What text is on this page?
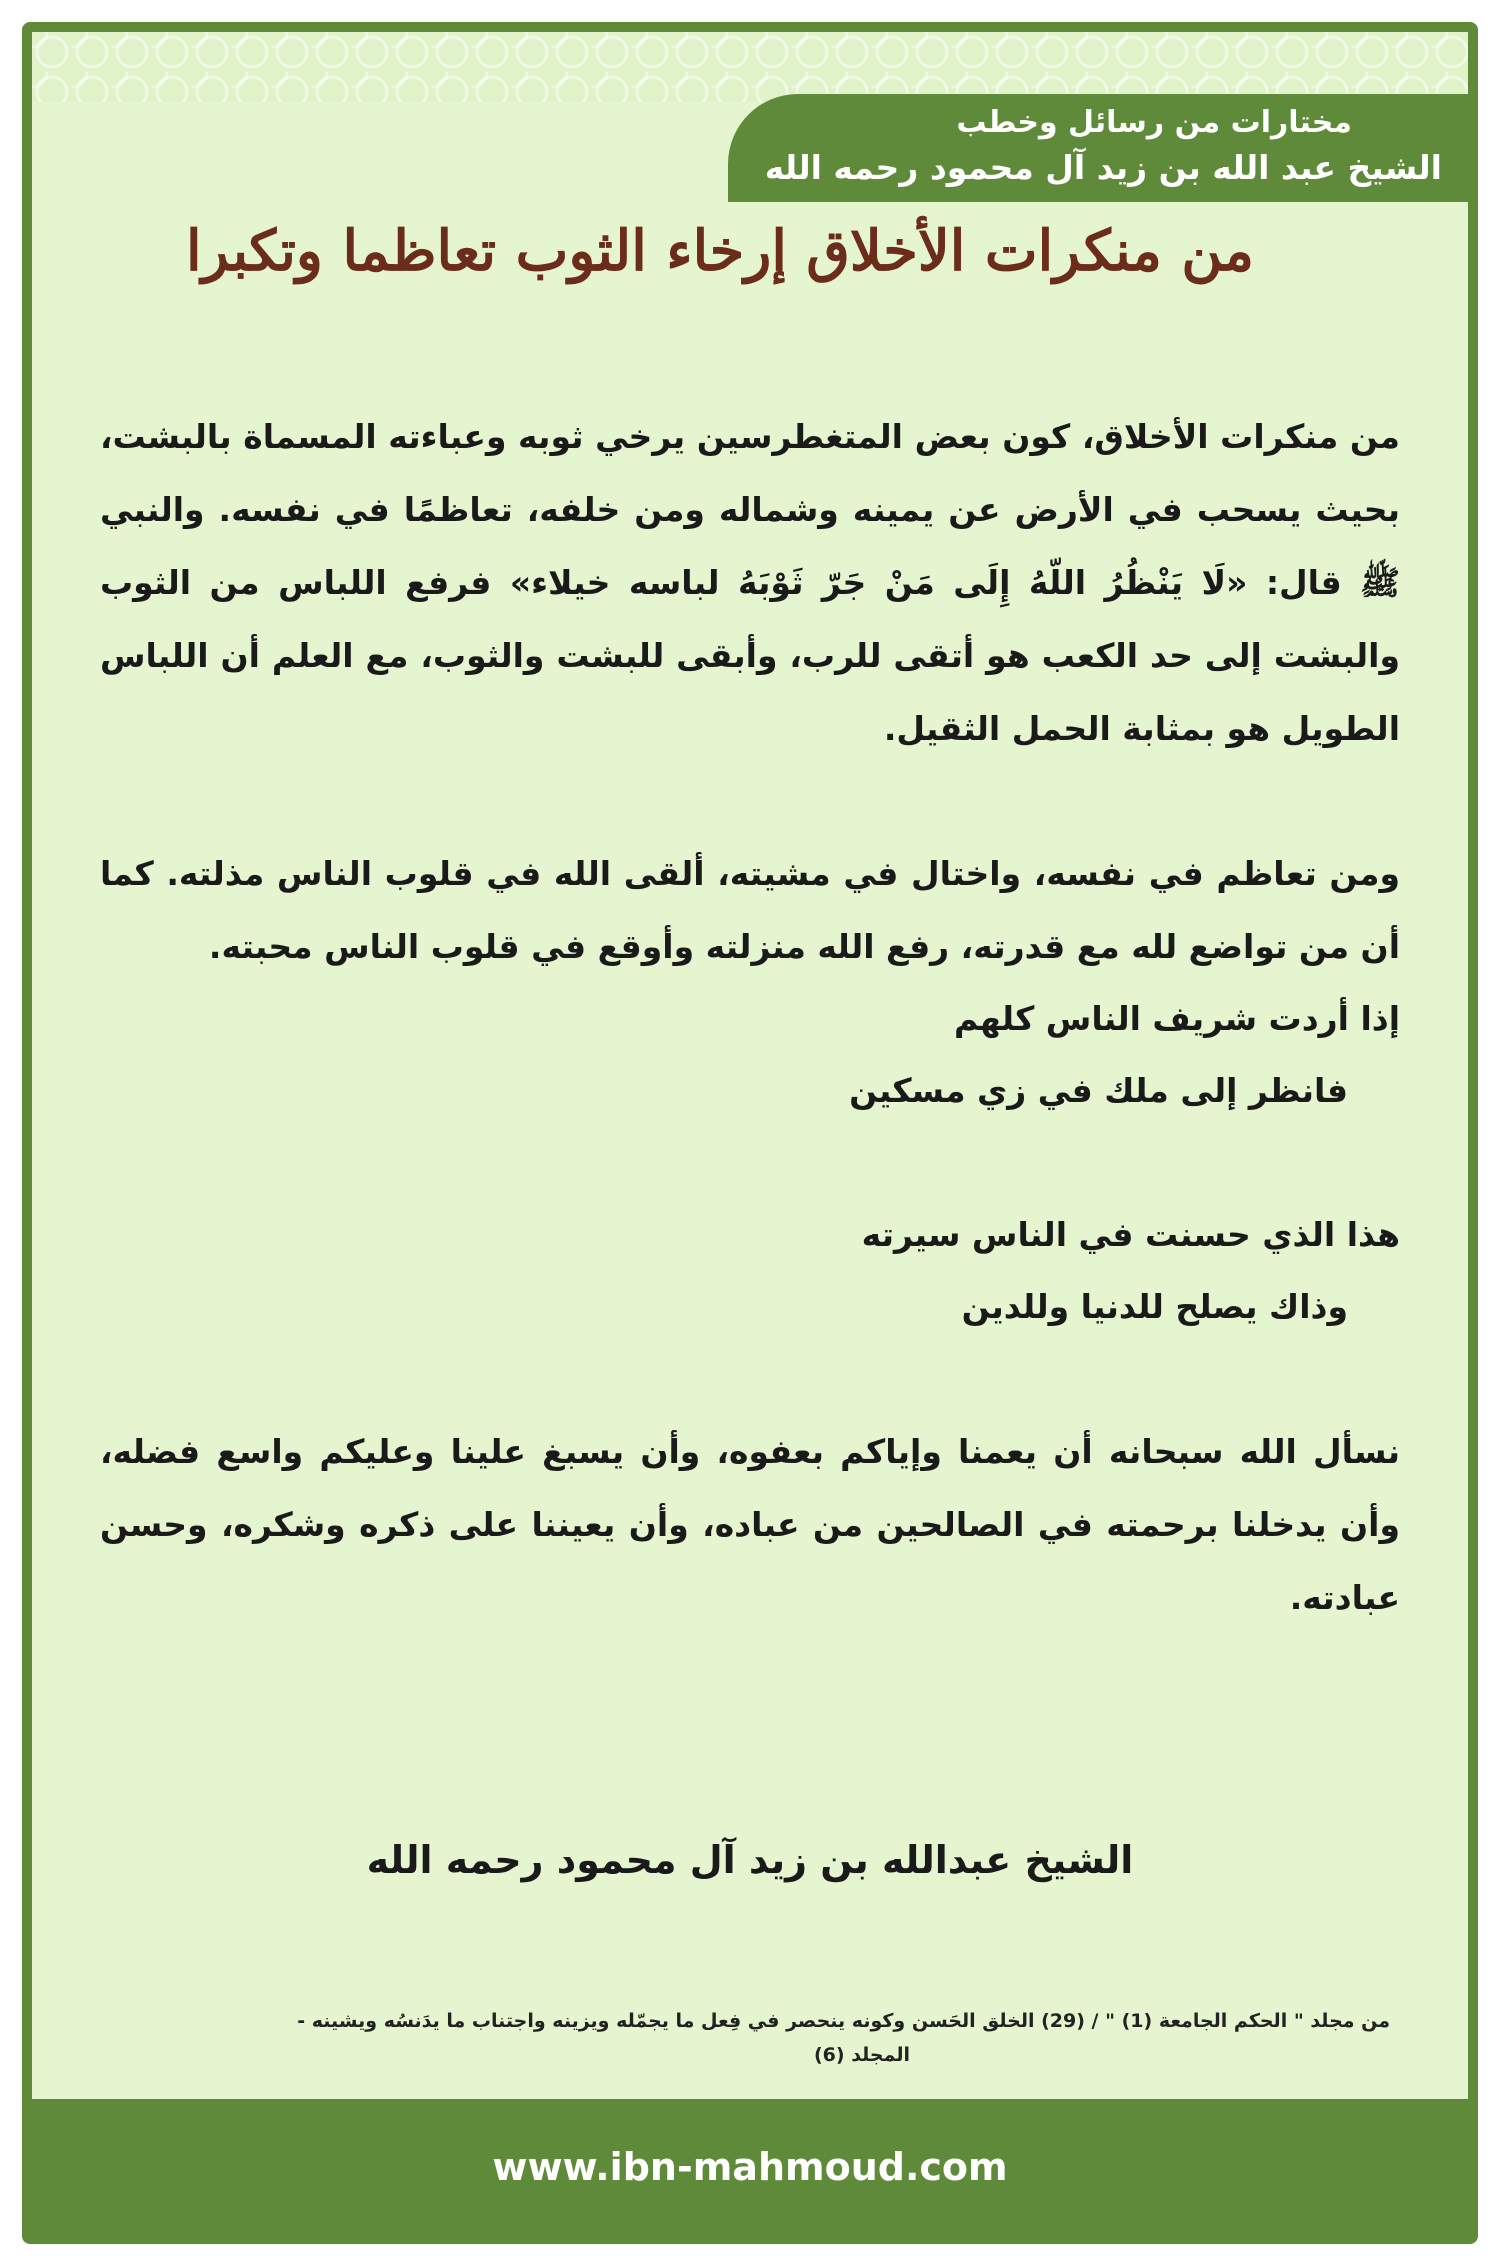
مختارات من رسائل وخطب
الشيخ عبد الله بن زيد آل محمود رحمه الله
من منكرات الأخلاق إرخاء الثوب تعاظما وتكبرا

من منكرات الأخلاق، كون بعض المتغطرسين يرخي ثوبه وعباءته المسماة بالبشت، بحيث يسحب في الأرض عن يمينه وشماله ومن خلفه، تعاظمًا في نفسه. والنبي ﷺ قال: «لَا يَنْظُرُ اللّهُ إِلَى مَنْ جَرّ ثَوْبَهُ لباسه خيلاء» فرفع اللباس من الثوب والبشت إلى حد الكعب هو أتقى للرب، وأبقى للبشت والثوب، مع العلم أن اللباس الطويل هو بمثابة الحمل الثقيل.

ومن تعاظم في نفسه، واختال في مشيته، ألقى الله في قلوب الناس مذلته. كما أن من تواضع لله مع قدرته، رفع الله منزلته وأوقع في قلوب الناس محبته.

إذا أردت شريف الناس كلهم

فانظر إلى ملك في زي مسكين

هذا الذي حسنت في الناس سيرته

وذاك يصلح للدنيا وللدين

نسأل الله سبحانه أن يعمنا وإياكم بعفوه، وأن يسبغ علينا وعليكم واسع فضله، وأن يدخلنا برحمته في الصالحين من عباده، وأن يعيننا على ذكره وشكره، وحسن عبادته.

الشيخ عبدالله بن زيد آل محمود رحمه الله
من مجلد " الحكم الجامعة (1) " / (29) الخلق الحَسن وكونه ينحصر في فِعل ما يجمّله ويزينه واجتناب ما يدَنسُه ويشينه -
المجلد (6)
www.ibn-mahmoud.com
